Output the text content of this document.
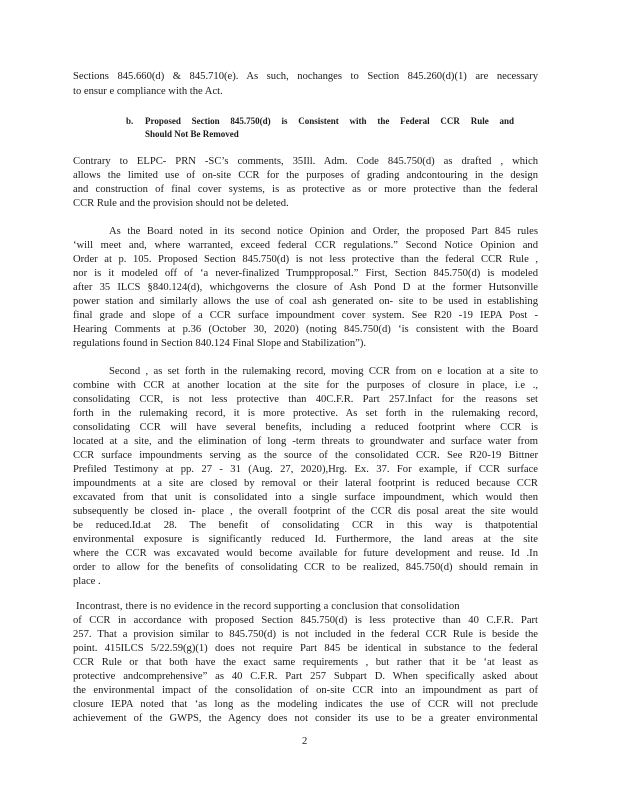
Sections 845.660(d) & 845.710(e). As such, nochanges to Section 845.260(d)(1) are necessary
to ensur e compliance with the Act.
b. Proposed Section 845.750(d) is Consistent with the Federal CCR Rule and
Should Not Be Removed
Contrary to ELPC- PRN -SC’s comments, 35Ill. Adm. Code 845.750(d) as drafted , which
allows the limited use of on-site CCR for the purposes of grading andcontouring in the design
and construction of final cover systems, is as protective as or more protective than the federal
CCR Rule and the provision should not be deleted.
As the Board noted in its second notice Opinion and Order, the proposed Part 845 rules
‘will meet and, where warranted, exceed federal CCR regulations.” Second Notice Opinion and
Order at p. 105. Proposed Section 845.750(d) is not less protective than the federal CCR Rule ,
nor is it modeled off of ‘a never-finalized Trumpproposal.” First, Section 845.750(d) is modeled
after 35 ILCS §840.124(d), whichgoverns the closure of Ash Pond D at the former Hutsonville
power station and similarly allows the use of coal ash generated on- site to be used in establishing
final grade and slope of a CCR surface impoundment cover system. See R20 -19 IEPA Post -
Hearing Comments at p.36 (October 30, 2020) (noting 845.750(d) ‘is consistent with the Board
regulations found in Section 840.124 Final Slope and Stabilization”).
Second , as set forth in the rulemaking record, moving CCR from on e location at a site to
combine with CCR at another location at the site for the purposes of closure in place, i.e .,
consolidating CCR, is not less protective than 40C.F.R. Part 257.Infact for the reasons set
forth in the rulemaking record, it is more protective. As set forth in the rulemaking record,
consolidating CCR will have several benefits, including a reduced footprint where CCR is
located at a site, and the elimination of long -term threats to groundwater and surface water from
CCR surface impoundments serving as the source of the consolidated CCR. See R20-19 Bittner
Prefiled Testimony at pp. 27 - 31 (Aug. 27, 2020),Hrg. Ex. 37. For example, if CCR surface
impoundments at a site are closed by removal or their lateral footprint is reduced because CCR
excavated from that unit is consolidated into a single surface impoundment, which would then
subsequently be closed in- place , the overall footprint of the CCR dis posal areat the site would
be reduced.Id.at 28. The benefit of consolidating CCR in this way is thatpotential
environmental exposure is significantly reduced Id. Furthermore, the land areas at the site
where the CCR was excavated would become available for future development and reuse. Id .In
order to allow for the benefits of consolidating CCR to be realized, 845.750(d) should remain in
place .
Incontrast, there is no evidence in the record supporting a conclusion that consolidation
of CCR in accordance with proposed Section 845.750(d) is less protective than 40 C.F.R. Part
257. That a provision similar to 845.750(d) is not included in the federal CCR Rule is beside the
point. 415ILCS 5/22.59(g)(1) does not require Part 845 be identical in substance to the federal
CCR Rule or that both have the exact same requirements , but rather that it be ‘at least as
protective andcomprehensive” as 40 C.F.R. Part 257 Subpart D. When specifically asked about
the environmental impact of the consolidation of on-site CCR into an impoundment as part of
closure IEPA noted that ‘as long as the modeling indicates the use of CCR will not preclude
achievement of the GWPS, the Agency does not consider its use to be a greater environmental
2
